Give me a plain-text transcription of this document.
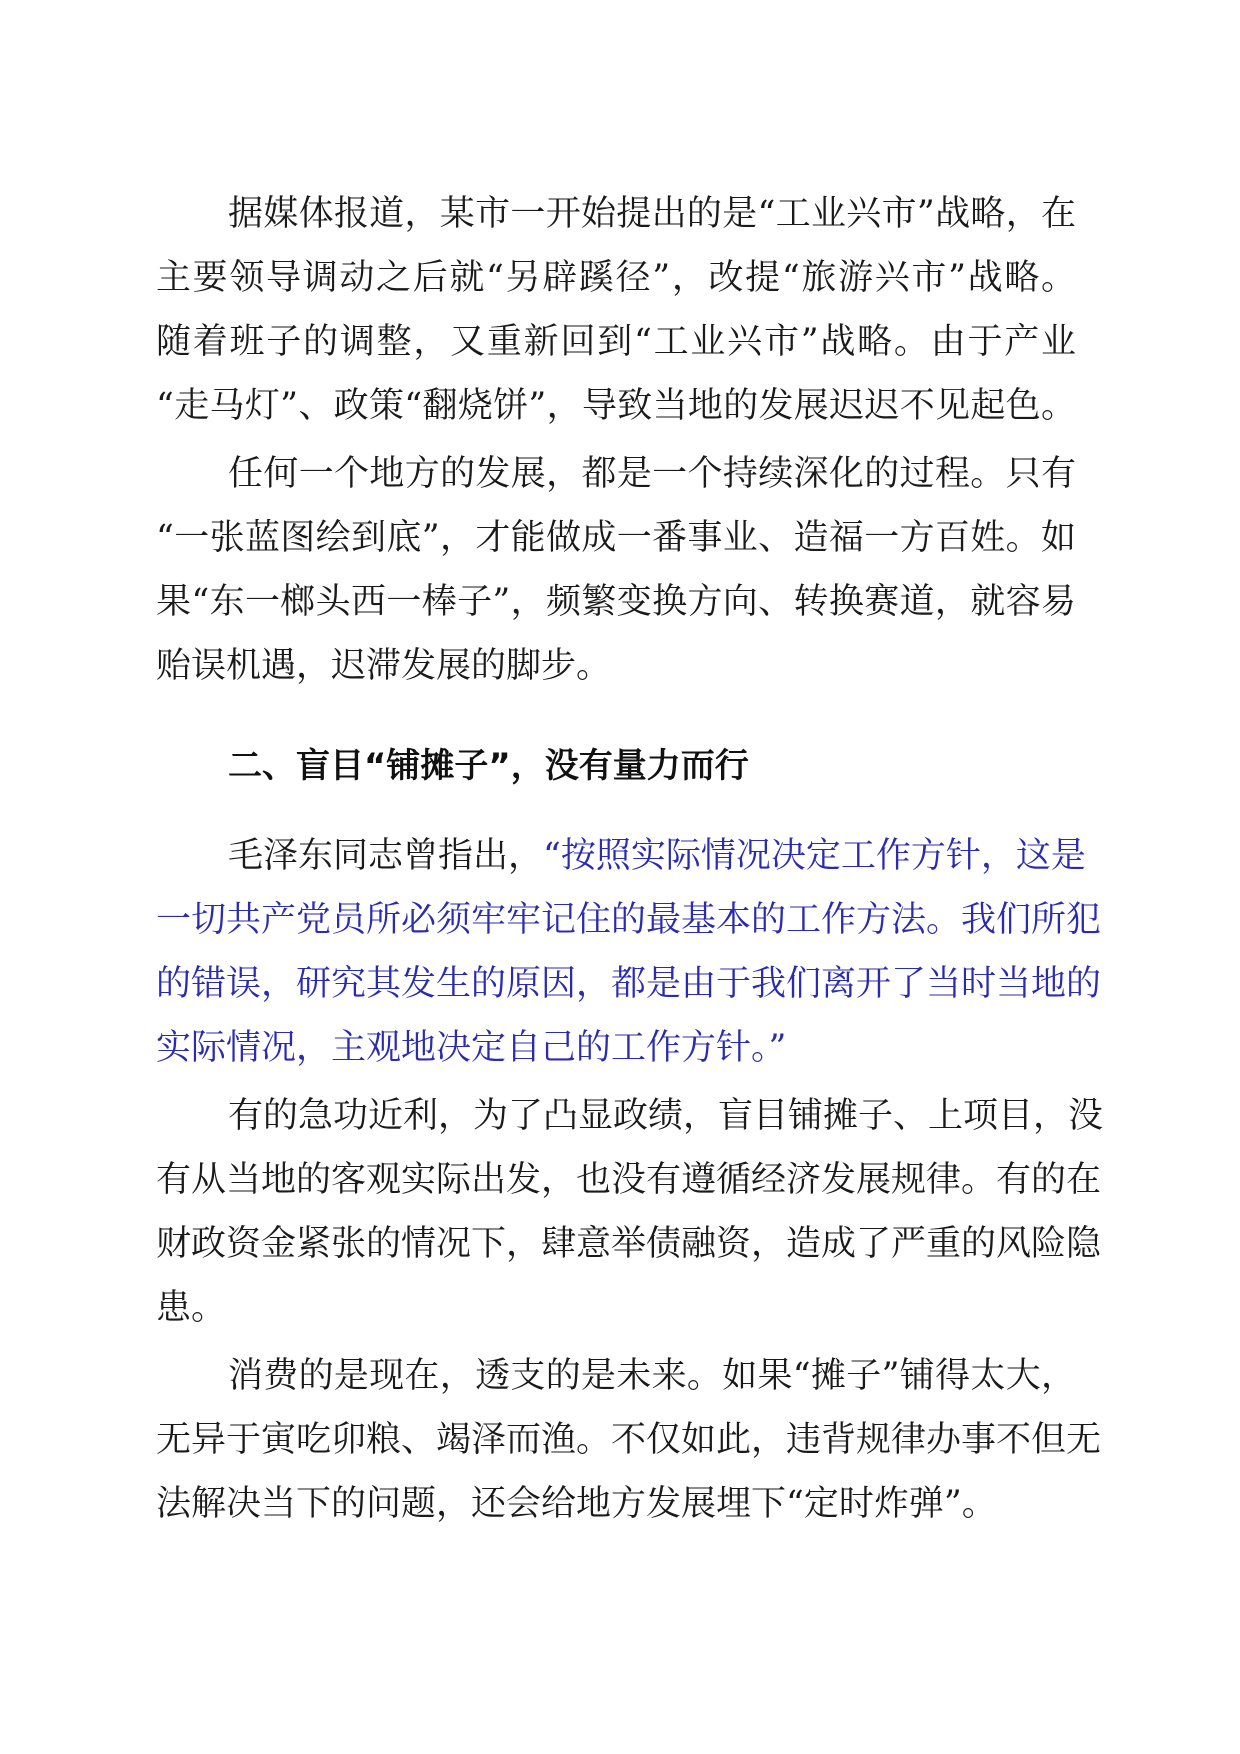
据媒体报道，某市一开始提出的是“工业兴市”战略，在
主要领导调动之后就“另辟蹊径”，改提“旅游兴市”战略。
随着班子的调整，又重新回到“工业兴市”战略。由于产业
“走马灯”、政策“翻烧饼”，导致当地的发展迟迟不见起色。
任何一个地方的发展，都是一个持续深化的过程。只有
“一张蓝图绘到底”，才能做成一番事业、造福一方百姓。如
果“东一榔头西一棒子”，频繁变换方向、转换赛道，就容易
贻误机遇，迟滞发展的脚步。
二、盲目“铺摊子”，没有量力而行
毛泽东同志曾指出，“按照实际情况决定工作方针，这是
一切共产党员所必须牢牢记住的最基本的工作方法。我们所犯
的错误，研究其发生的原因，都是由于我们离开了当时当地的
实际情况，主观地决定自己的工作方针。”
有的急功近利，为了凸显政绩，盲目铺摊子、上项目，没
有从当地的客观实际出发，也没有遵循经济发展规律。有的在
财政资金紧张的情况下，肆意举债融资，造成了严重的风险隐
患。
消费的是现在，透支的是未来。如果“摊子”铺得太大，
无异于寅吃卯粮、竭泽而渔。不仅如此，违背规律办事不但无
法解决当下的问题，还会给地方发展埋下“定时炸弹”。
